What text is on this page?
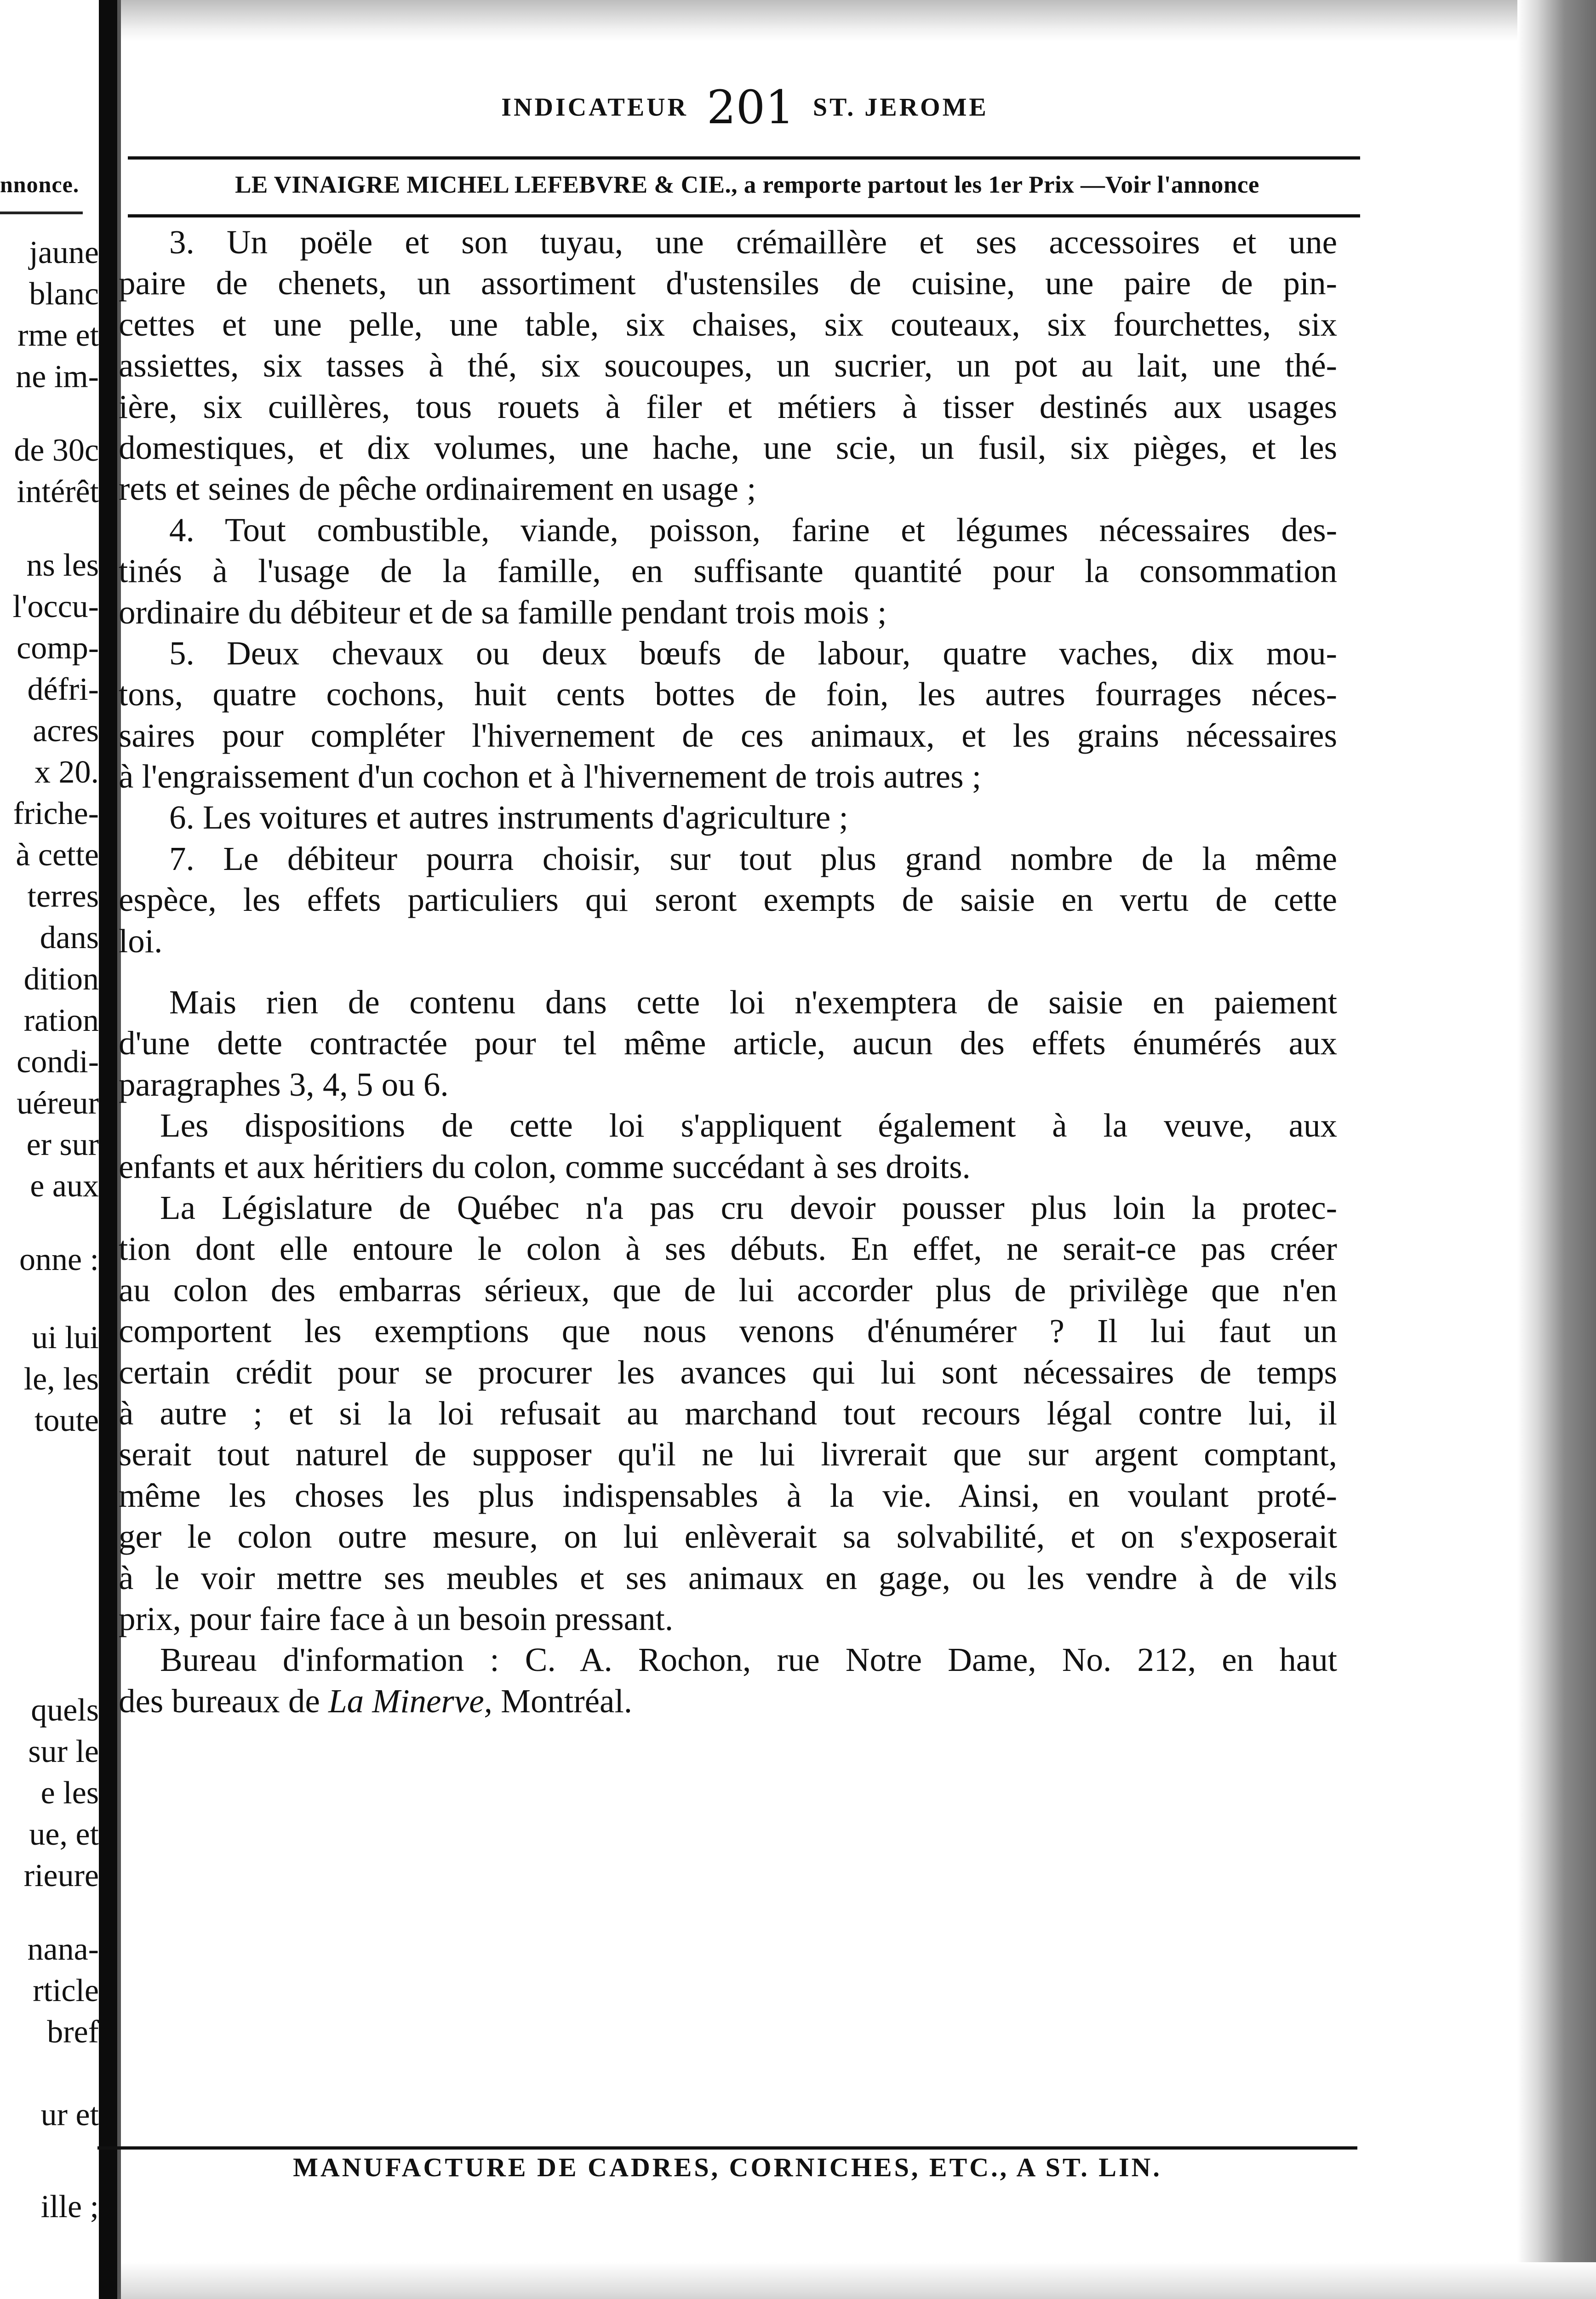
nnonce.
jaune
blanc
rme et
ne im-
de 30c
intérêt
ns les
l'occu-
comp-
défri-
acres
x 20.
friche-
à cette
terres
dans
dition
ration
condi-
uéreur
er sur
e aux
onne :
ui lui
le, les
toute
quels
sur le
e les
ue, et
rieure
nana-
rticle
bref
ur et
ille ;
INDICATEUR 201 ST. JEROME
LE VINAIGRE MICHEL LEFEBVRE & CIE., a remporte partout les 1er Prix —Voir l'annonce

3. Un poële et son tuyau, une crémaillère et ses accessoires et une

paire de chenets, un assortiment d'ustensiles de cuisine, une paire de pin-

cettes et une pelle, une table, six chaises, six couteaux, six fourchettes, six

assiettes, six tasses à thé, six soucoupes, un sucrier, un pot au lait, une thé-

ière, six cuillères, tous rouets à filer et métiers à tisser destinés aux usages

domestiques, et dix volumes, une hache, une scie, un fusil, six pièges, et les

rets et seines de pêche ordinairement en usage ;

4. Tout combustible, viande, poisson, farine et légumes nécessaires des-

tinés à l'usage de la famille, en suffisante quantité pour la consommation

ordinaire du débiteur et de sa famille pendant trois mois ;

5. Deux chevaux ou deux bœufs de labour, quatre vaches, dix mou-

tons, quatre cochons, huit cents bottes de foin, les autres fourrages néces-

saires pour compléter l'hivernement de ces animaux, et les grains nécessaires

à l'engraissement d'un cochon et à l'hivernement de trois autres ;

6. Les voitures et autres instruments d'agriculture ;

7. Le débiteur pourra choisir, sur tout plus grand nombre de la même

espèce, les effets particuliers qui seront exempts de saisie en vertu de cette

loi.

Mais rien de contenu dans cette loi n'exemptera de saisie en paiement

d'une dette contractée pour tel même article, aucun des effets énumérés aux

paragraphes 3, 4, 5 ou 6.

Les dispositions de cette loi s'appliquent également à la veuve, aux

enfants et aux héritiers du colon, comme succédant à ses droits.

La Législature de Québec n'a pas cru devoir pousser plus loin la protec-

tion dont elle entoure le colon à ses débuts. En effet, ne serait-ce pas créer

au colon des embarras sérieux, que de lui accorder plus de privilège que n'en

comportent les exemptions que nous venons d'énumérer ? Il lui faut un

certain crédit pour se procurer les avances qui lui sont nécessaires de temps

à autre ; et si la loi refusait au marchand tout recours légal contre lui, il

serait tout naturel de supposer qu'il ne lui livrerait que sur argent comptant,

même les choses les plus indispensables à la vie. Ainsi, en voulant proté-

ger le colon outre mesure, on lui enlèverait sa solvabilité, et on s'exposerait

à le voir mettre ses meubles et ses animaux en gage, ou les vendre à de vils

prix, pour faire face à un besoin pressant.

Bureau d'information : C. A. Rochon, rue Notre Dame, No. 212, en haut

des bureaux de La Minerve, Montréal.

MANUFACTURE DE CADRES, CORNICHES, ETC., A ST. LIN.
